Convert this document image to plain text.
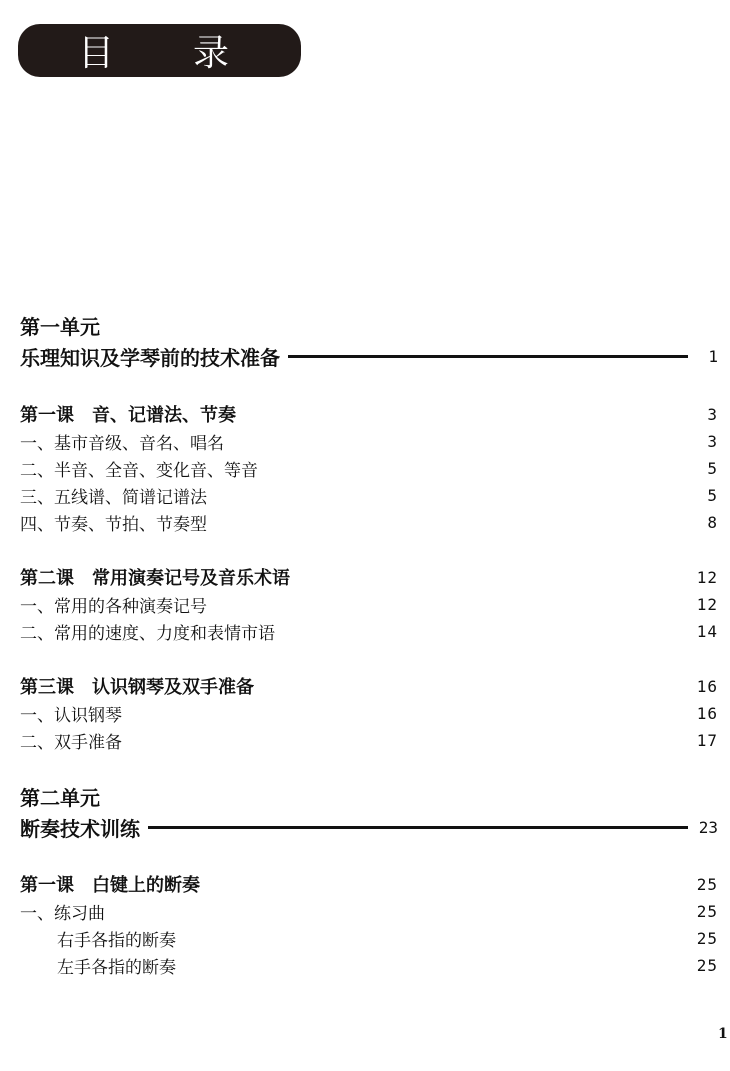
目 录
第一单元
乐理知识及学琴前的技术准备	1
第一课　音、记谱法、节奏	3
一、基市音级、音名、唱名	3
二、半音、全音、变化音、等音	5
三、五线谱、简谱记谱法	5
四、节奏、节拍、节奏型	8
第二课　常用演奏记号及音乐术语	12
一、常用的各种演奏记号	12
二、常用的速度、力度和表情市语	14
第三课　认识钢琴及双手准备	16
一、认识钢琴	16
二、双手准备	17
第二单元
断奏技术训练	23
第一课　白键上的断奏	25
一、练习曲	25
右手各指的断奏	25
左手各指的断奏	25
1
